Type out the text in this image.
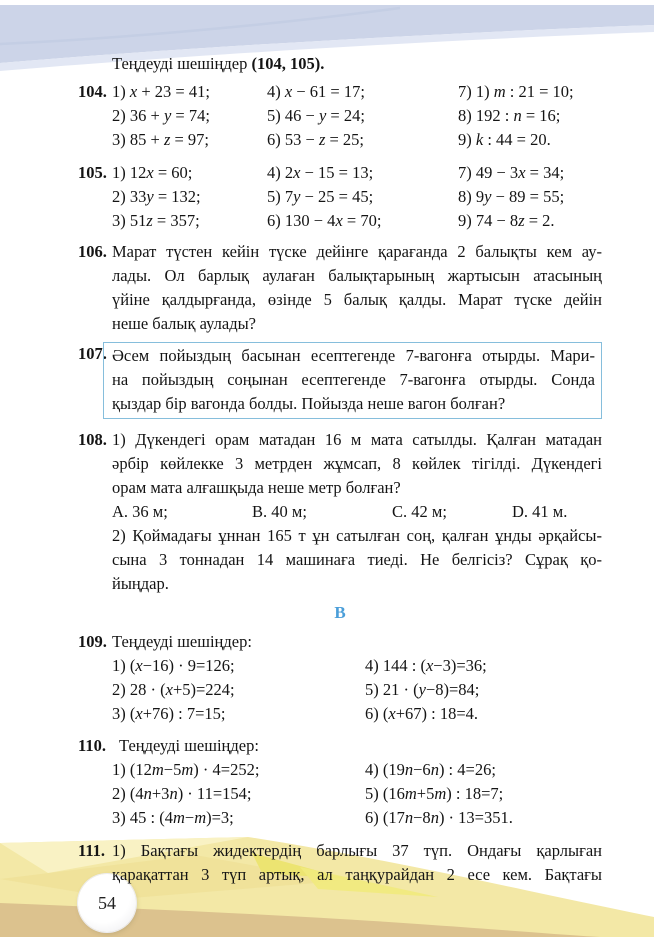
54
Теңдеуді шешіңдер (104, 105).
104. 1) x + 23 = 41;	4) x − 61 = 17;	7) 1) m : 21 = 10;
2) 36 + y = 74;	5) 46 − y = 24;	8) 192 : n = 16;
3) 85 + z = 97;	6) 53 − z = 25;	9) k : 44 = 20.
105. 1) 12x = 60;	4) 2x − 15 = 13;	7) 49 − 3x = 34;
2) 33y = 132;	5) 7y − 25 = 45;	8) 9y − 89 = 55;
3) 51z = 357;	6) 130 − 4x = 70;	9) 74 − 8z = 2.
106. Марат түстен кейін түске дейінге қарағанда 2 балықты кем ау-
лады. Ол барлық аулаған балықтарының жартысын атасының
үйіне қалдырғанда, өзінде 5 балық қалды. Марат түске дейін
неше балық аулады?
107. Әсем пойыздың басынан есептегенде 7-вагонға отырды. Мари-
на пойыздың соңынан есептегенде 7-вагонға отырды. Сонда
қыздар бір вагонда болды. Пойызда неше вагон болған?
108. 1) Дүкендегі орам матадан 16 м мата сатылды. Қалған матадан
әрбір көйлекке 3 метрден жұмсап, 8 көйлек тігілді. Дүкендегі
орам мата алғашқыда неше метр болған?
А. 36 м;	В. 40 м;	С. 42 м;	D. 41 м.
2) Қоймадағы ұннан 165 т ұн сатылған соң, қалған ұнды әрқайсы-
сына 3 тоннадан 14 машинаға тиеді. Не белгісіз? Сұрақ қо-
йыңдар.
В
109. Теңдеуді шешіңдер:
1) (x−16) · 9=126;	4) 144 : (x−3)=36;
2) 28 · (x+5)=224;	5) 21 · (y−8)=84;
3) (x+76) : 7=15;	6) (x+67) : 18=4.
110. Теңдеуді шешіңдер:
1) (12m−5m) · 4=252;	4) (19n−6n) : 4=26;
2) (4n+3n) · 11=154;	5) (16m+5m) : 18=7;
3) 45 : (4m−m)=3;	6) (17n−8n) · 13=351.
111. 1) Бақтағы жидектердің барлығы 37 түп. Ондағы қарлыған
қарақаттан 3 түп артық, ал таңқурайдан 2 есе кем. Бақтағы
